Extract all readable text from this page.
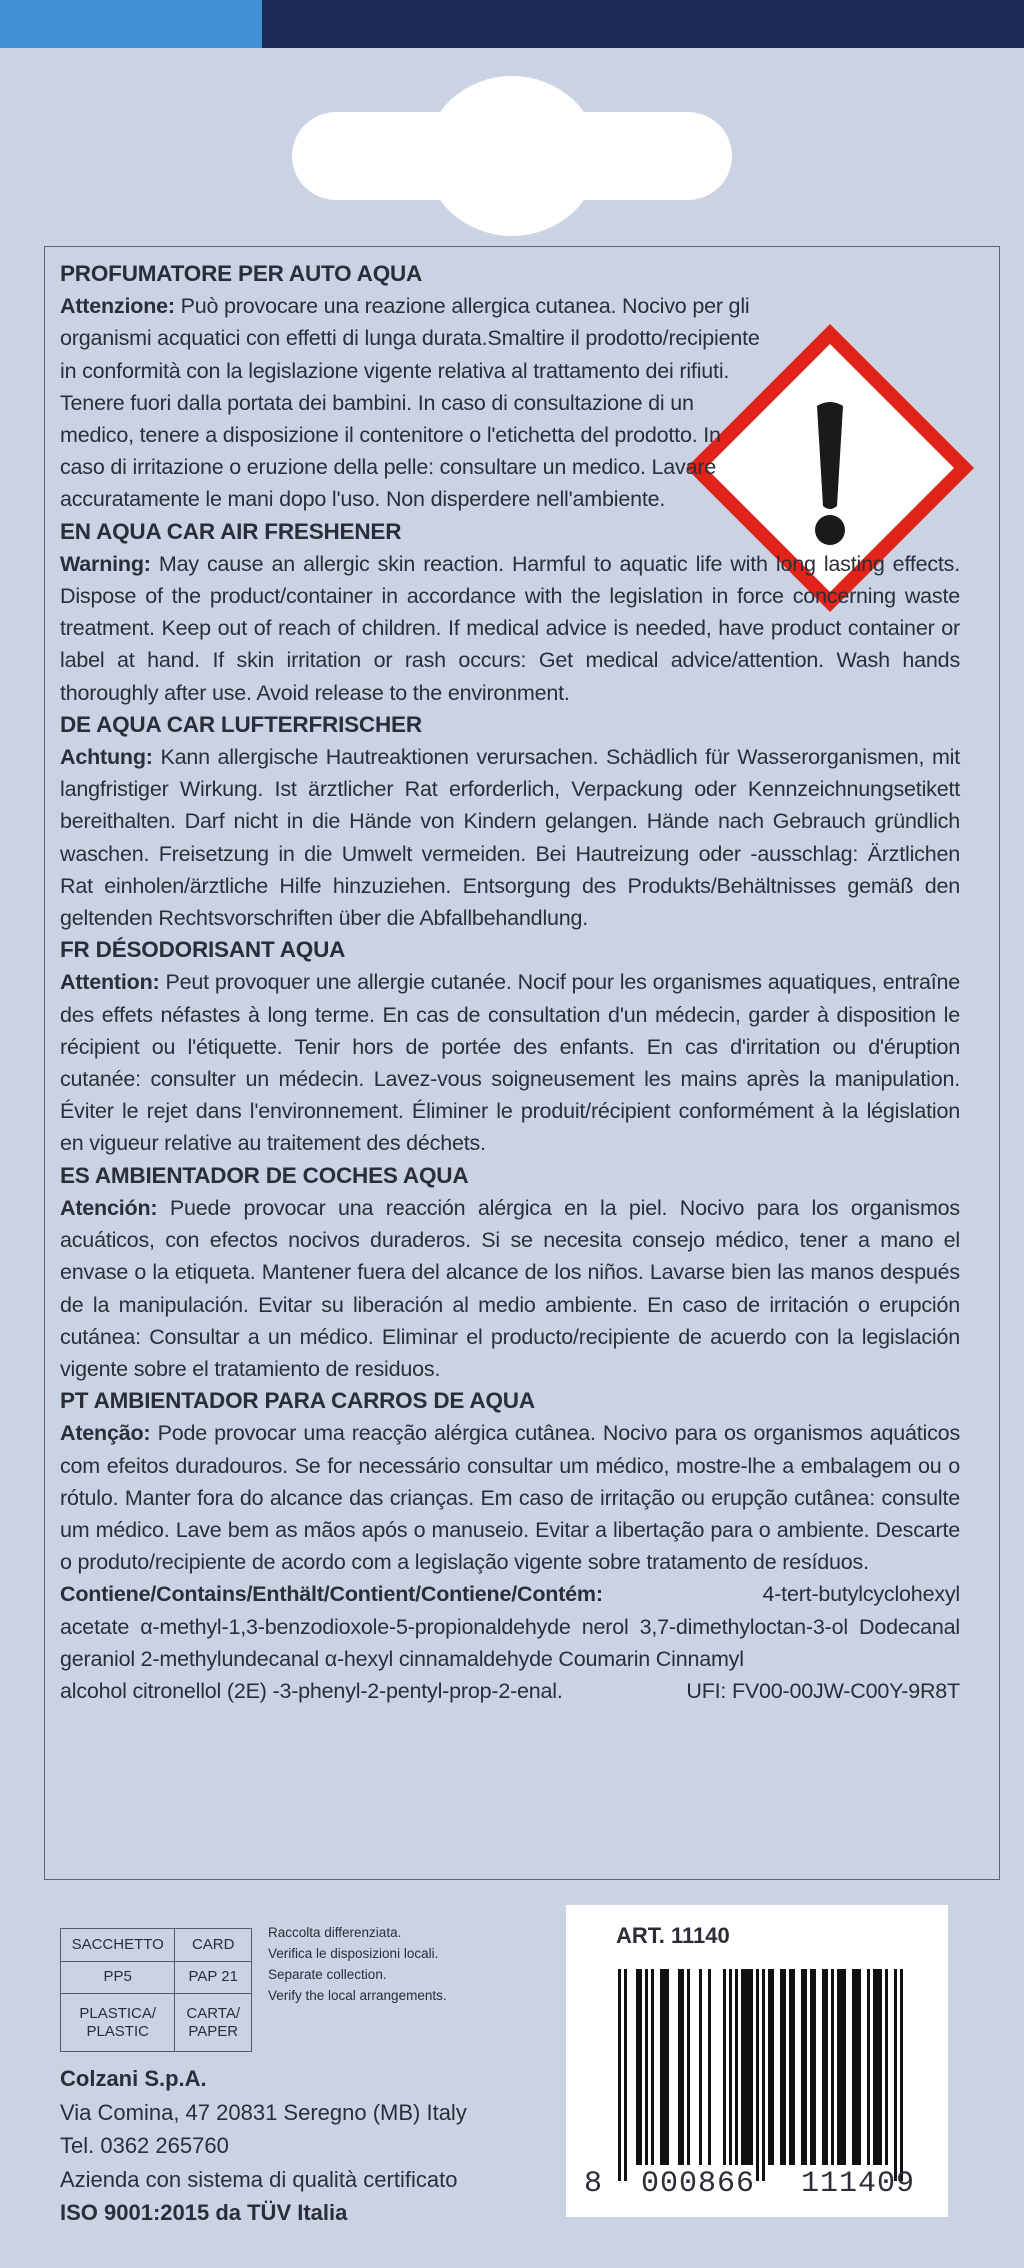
PROFUMATORE PER AUTO AQUA

Attenzione: Può provocare una reazione allergica cutanea. Nocivo per gli organismi acquatici con effetti di lunga durata.Smaltire il prodotto/recipiente in conformità con la legislazione vigente relativa al trattamento dei rifiuti. Tenere fuori dalla portata dei bambini. In caso di consultazione di un medico, tenere a disposizione il contenitore o l'etichetta del prodotto. In caso di irritazione o eruzione della pelle: consultare un medico. Lavare accuratamente le mani dopo l'uso. Non disperdere nell'ambiente.

EN AQUA CAR AIR FRESHENER

Warning: May cause an allergic skin reaction. Harmful to aquatic life with long lasting effects. Dispose of the product/container in accordance with the legislation in force concerning waste treatment. Keep out of reach of children. If medical advice is needed, have product container or label at hand. If skin irritation or rash occurs: Get medical advice/attention. Wash hands thoroughly after use. Avoid release to the environment.

DE AQUA CAR LUFTERFRISCHER

Achtung: Kann allergische Hautreaktionen verursachen. Schädlich für Wasserorganismen, mit langfristiger Wirkung. Ist ärztlicher Rat erforderlich, Verpackung oder Kennzeichnungsetikett bereithalten. Darf nicht in die Hände von Kindern gelangen. Hände nach Gebrauch gründlich waschen. Freisetzung in die Umwelt vermeiden. Bei Hautreizung oder -ausschlag: Ärztlichen Rat einholen/ärztliche Hilfe hinzuziehen. Entsorgung des Produkts/Behältnisses gemäß den geltenden Rechtsvorschriften über die Abfallbehandlung.

FR DÉSODORISANT AQUA

Attention: Peut provoquer une allergie cutanée. Nocif pour les organismes aquatiques, entraîne des effets néfastes à long terme. En cas de consultation d'un médecin, garder à disposition le récipient ou l'étiquette. Tenir hors de portée des enfants. En cas d'irritation ou d'éruption cutanée: consulter un médecin. Lavez-vous soigneusement les mains après la manipulation. Éviter le rejet dans l'environnement. Éliminer le produit/récipient conformément à la législation en vigueur relative au traitement des déchets.

ES AMBIENTADOR DE COCHES AQUA

Atención: Puede provocar una reacción alérgica en la piel. Nocivo para los organismos acuáticos, con efectos nocivos duraderos. Si se necesita consejo médico, tener a mano el envase o la etiqueta. Mantener fuera del alcance de los niños. Lavarse bien las manos después de la manipulación. Evitar su liberación al medio ambiente. En caso de irritación o erupción cutánea: Consultar a un médico. Eliminar el producto/recipiente de acuerdo con la legislación vigente sobre el tratamiento de residuos.

PT AMBIENTADOR PARA CARROS DE AQUA

Atenção: Pode provocar uma reacção alérgica cutânea. Nocivo para os organismos aquáticos com efeitos duradouros. Se for necessário consultar um médico, mostre-lhe a embalagem ou o rótulo. Manter fora do alcance das crianças. Em caso de irritação ou erupção cutânea: consulte um médico. Lave bem as mãos após o manuseio. Evitar a libertação para o ambiente. Descarte o produto/recipiente de acordo com a legislação vigente sobre tratamento de resíduos.

Contiene/Contains/Enthält/Contient/Contiene/Contém:	4-tert-butylcyclohexyl

acetate α-methyl-1,3-benzodioxole-5-propionaldehyde nerol 3,7-dimethyloctan-3-ol Dodecanal geraniol 2-methylundecanal α-hexyl cinnamaldehyde Coumarin Cinnamyl

alcohol citronellol (2E) -3-phenyl-2-pentyl-prop-2-enal.	UFI: FV00-00JW-C00Y-9R8T
SACCHETTO	CARD
PP5	PAP 21
PLASTICA/ PLASTIC	CARTA/ PAPER
Raccolta differenziata.
Verifica le disposizioni locali.
Separate collection.
Verify the local arrangements.
Colzani S.p.A.
Via Comina, 47 20831 Seregno (MB) Italy
Tel. 0362 265760
Azienda con sistema di qualità certificato
ISO 9001:2015 da TÜV Italia
ART. 11140
8	000866	111409
